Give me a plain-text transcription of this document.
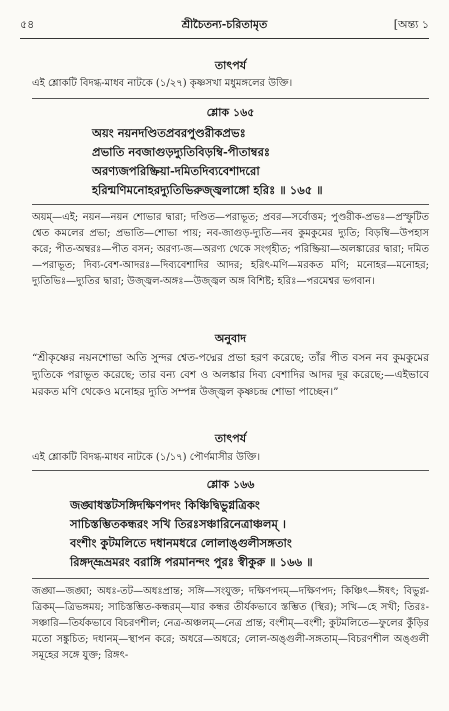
৫৪	শ্রীচৈতন্য-চরিতামৃত	[অন্ত্য ১
তাৎপর্য
এই শ্লোকটি বিদগ্ধ-মাধব নাটকে (১/২৭) কৃষ্ণসখা মধুমঙ্গলের উক্তি।
শ্লোক ১৬৫
অয়ং নয়নদণ্ডিতপ্রবরপুণ্ডরীকপ্রভঃ
প্রভাতি নবজাগুড়দ্যুতিবিড়ম্বি-পীতাম্বরঃ
অরণ্যজপরিষ্ক্রিয়া-দমিতদিব্যবেশাদরো
হরিন্মণিমনোহরদ্যুতিভিরুজ্জ্বলাঙ্গো হরিঃ ॥ ১৬৫ ॥
অয়ম্—এই; নয়ন—নয়ন শোভার দ্বারা; দণ্ডিত—পরাভূত; প্রবর—সর্বোত্তম; পুণ্ডরীক-প্রভঃ—প্রস্ফুটিত শ্বেত কমলের প্রভা; প্রভাতি—শোভা পায়; নব-জাগুড়-দ্যুতি—নব কুমকুমের দ্যুতি; বিড়ম্বি—উপহাস করে; পীত-অম্বরঃ—পীত বসন; অরণ্য-জ—অরণ্য থেকে সংগৃহীত; পরিষ্ক্রিয়া—অলঙ্কারের দ্বারা; দমিত—পরাভূত; দিব্য-বেশ-আদরঃ—দিব্যবেশাদির আদর; হরিৎ-মণি—মরকত মণি; মনোহর—মনোহর; দ্যুতিভিঃ—দ্যুতির দ্বারা; উজ্জ্বল-অঙ্গঃ—উজ্জ্বল অঙ্গ বিশিষ্ট; হরিঃ—পরমেশ্বর ভগবান।
অনুবাদ
“শ্রীকৃষ্ণের নয়নশোভা অতি সুন্দর শ্বেত-পদ্মের প্রভা হরণ করেছে; তাঁর পীত বসন নব কুমকুমের দ্যুতিকে পরাভূত করেছে; তার বন্য বেশ ও অলঙ্কার দিব্য বেশাদির আদর দূর করেছে;—এইভাবে মরকত মণি থেকেও মনোহর দ্যুতি সম্পন্ন উজ্জ্বল কৃষ্ণচন্দ্র শোভা পাচ্ছেন।”
তাৎপর্য
এই শ্লোকটি বিদগ্ধ-মাধব নাটকে (১/১৭) পৌর্ণমাসীর উক্তি।
শ্লোক ১৬৬
জঙ্ঘাধস্তটসঙ্গিদক্ষিণপদং কিঞ্চিদ্বিভুগ্নত্রিকং
সাচিস্তম্ভিতকন্ধরং সখি তিরঃসঞ্চারিনেত্রাঞ্চলম্ ।
বংশীং কুটমলিতে দধানমধরে লোলাঙ্গুলীসঙ্গতাং
রিঙ্গদ্ভ্রূভ্রমরং বরাঙ্গি পরমানন্দং পুরঃ স্বীকুরু ॥ ১৬৬ ॥
জঙ্ঘা—জঙ্ঘা; অধঃ-তট—অধঃপ্রান্ত; সঙ্গি—সংযুক্ত; দক্ষিণপদম্—দক্ষিণপদ; কিঞ্চিৎ—ঈষৎ; বিভুগ্ন-ত্রিকম্—ত্রিভঙ্গময়; সাচিস্তম্ভিত-কন্ধরম্—যার কন্ধর তীর্যকভাবে স্তম্ভিত (স্থির); সখি—হে সখী; তিরঃ-সঞ্চারি—তির্যকভাবে বিচরণশীল; নেত্র-অঞ্চলম্—নেত্র প্রান্ত; বংশীম্—বংশী; কুটমলিতে—ফুলের কুঁড়ির মতো সঙ্কুচিত; দধানম্—স্থাপন করে; অধরে—অধরে; লোল-অঙ্গুলী-সঙ্গতাম্—বিচরণশীল অঙ্গুলী সমূহের সঙ্গে যুক্ত; রিঙ্গৎ-
